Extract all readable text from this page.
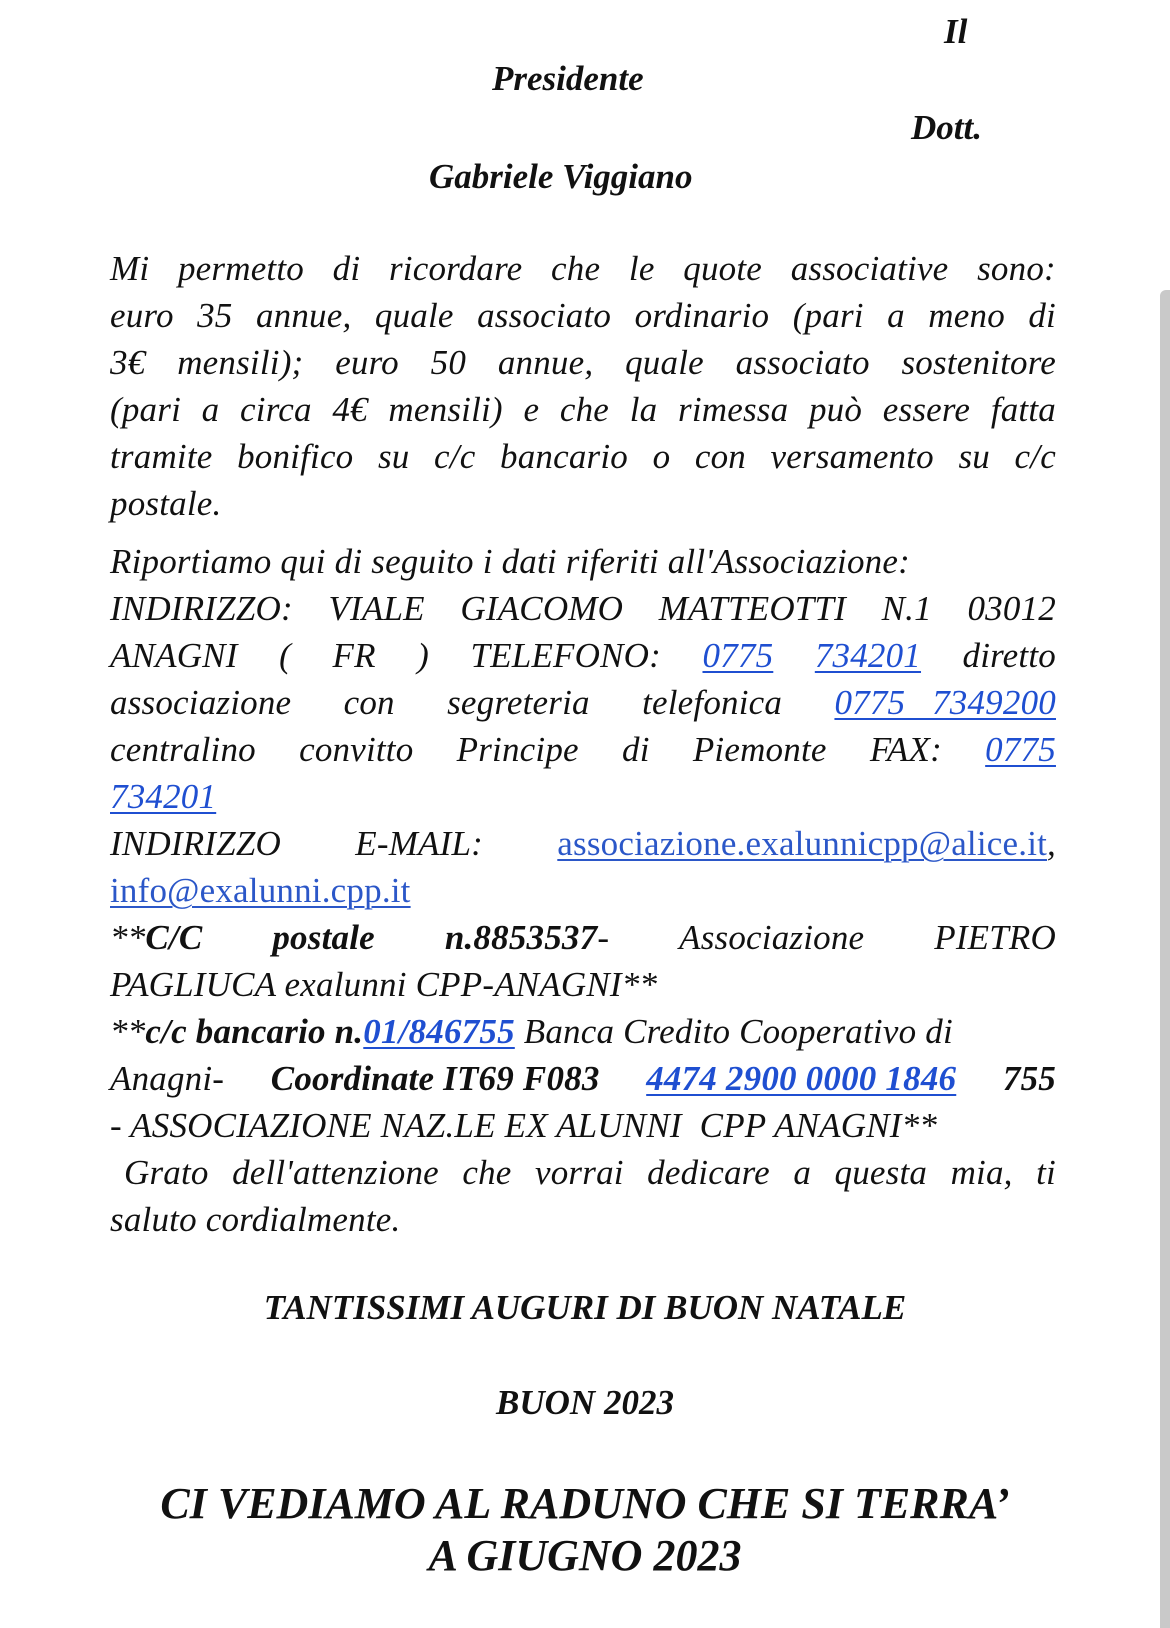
Il
Presidente
Dott.
Gabriele Viggiano
Mi permetto di ricordare che le quote associative sono:
euro 35 annue, quale associato ordinario (pari a meno di
3€ mensili); euro 50 annue, quale associato sostenitore
(pari a circa 4€ mensili) e che la rimessa può essere fatta
tramite bonifico su c/c bancario o con versamento su c/c
postale.
Riportiamo qui di seguito i dati riferiti all'Associazione:
INDIRIZZO: VIALE GIACOMO MATTEOTTI N.1 03012
ANAGNI ( FR ) TELEFONO: 0775 734201 diretto
associazione con segreteria telefonica 0775   7349200
centralino convitto Principe di Piemonte FAX: 0775
734201
INDIRIZZO E-MAIL: associazione.exalunnicpp@alice.it,
info@exalunni.cpp.it
**C/C postale n.8853537- Associazione PIETRO
PAGLIUCA exalunni CPP-ANAGNI**
**c/c bancario n.01/846755 Banca Credito Cooperativo di
Anagni- Coordinate IT69 F083 4474 2900 0000 1846 755
- ASSOCIAZIONE NAZ.LE EX ALUNNI  CPP ANAGNI**
Grato dell'attenzione che vorrai dedicare a questa mia, ti
saluto cordialmente.
TANTISSIMI AUGURI DI BUON NATALE
BUON 2023
CI VEDIAMO AL RADUNO CHE SI TERRA’
A GIUGNO 2023
